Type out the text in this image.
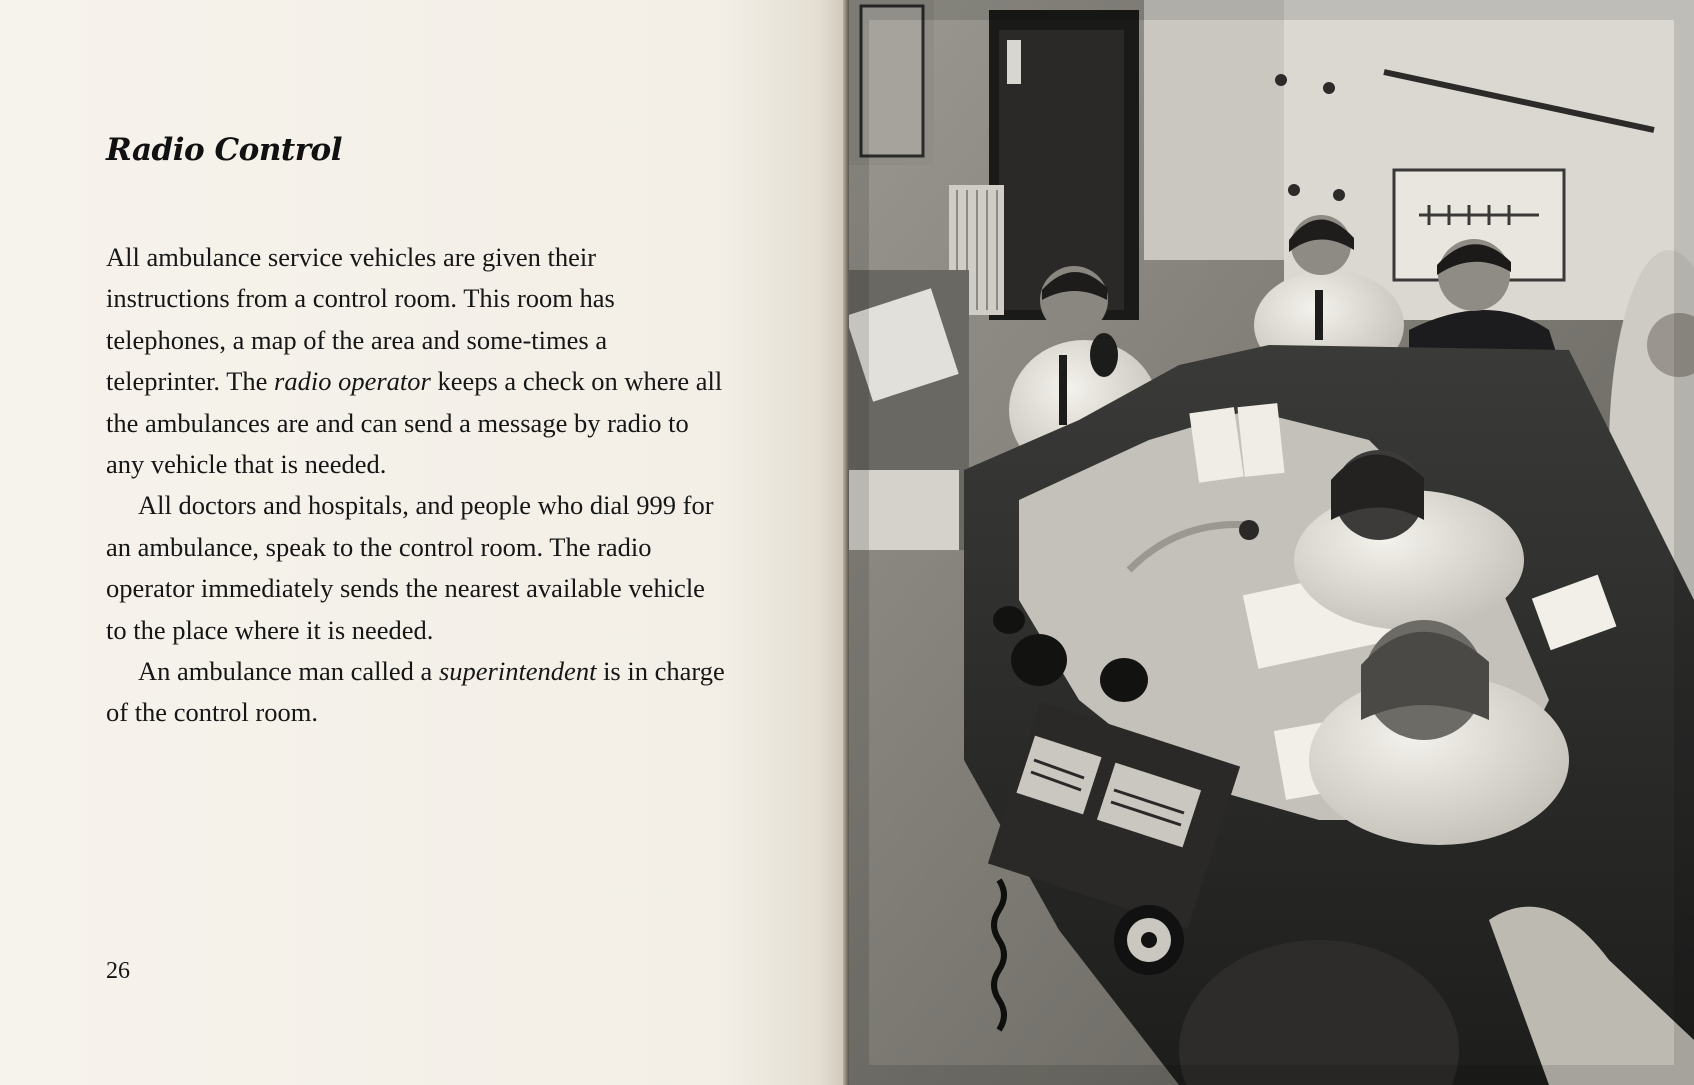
Radio Control

All ambulance service vehicles are given their instructions from a control room. This room has telephones, a map of the area and some-times a teleprinter. The radio operator keeps a check on where all the ambulances are and can send a message by radio to any vehicle that is needed.

All doctors and hospitals, and people who dial 999 for an ambulance, speak to the control room. The radio operator immediately sends the nearest available vehicle to the place where it is needed.

An ambulance man called a superintendent is in charge of the control room.

26
